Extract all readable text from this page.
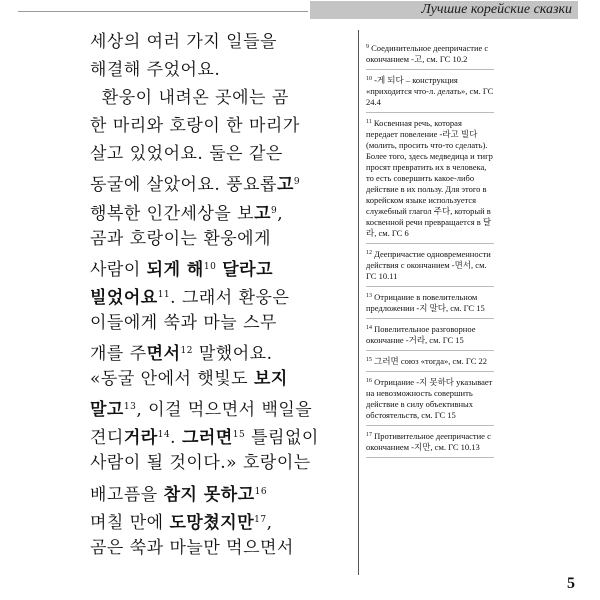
Лучшие корейские сказки
세상의 여러 가지 일들을
해결해 주었어요.
환웅이 내려온 곳에는 곰
한 마리와 호랑이 한 마리가
살고 있었어요. 둘은 같은
동굴에 살았어요. 풍요롭고$^9$
행복한 인간세상을 보고$^9$,
곰과 호랑이는 환웅에게
사람이 되게 해$^{10}$ 달라고
빌었어요$^{11}$. 그래서 환웅은
이들에게 쑥과 마늘 스무
개를 주면서$^{12}$ 말했어요.
«동굴 안에서 햇빛도 보지
말고$^{13}$, 이걸 먹으면서 백일을
견디거라$^{14}$. 그러면$^{15}$ 틀림없이
사람이 될 것이다.» 호랑이는
배고픔을 참지 못하고$^{16}$
며칠 만에 도망쳤지만$^{17}$,
곰은 쑥과 마늘만 먹으면서
$^9$ Соединительное деепричастие с окончанием -고, см. ГС 10.2
$^{10}$ -게 되다 – конструкция «приходится что-л. делать», см. ГС 24.4
$^{11}$ Косвенная речь, которая передает повеление -라고 빌다 (молить, просить что-то сделать). Более того, здесь медведица и тигр просят превратить их в человека, то есть совершить какое-либо действие в их пользу. Для этого в корейском языке используется служебный глагол 주다, который в косвенной речи превращается в 달라, см. ГС 6
$^{12}$ Деепричастие одновременности действия с окончанием -면서, см. ГС 10.11
$^{13}$ Отрицание в повелительном предложении -지 말다, см. ГС 15
$^{14}$ Повелительное разговорное окончание -거라, см. ГС 15
$^{15}$ 그러면 союз «тогда», см. ГС 22
$^{16}$ Отрицание -지 못하다 указывает на невозможность совершить действие в силу объективных обстоятельств, см. ГС 15
$^{17}$ Противительное деепричастие с окончанием -지만, см. ГС 10.13
5
